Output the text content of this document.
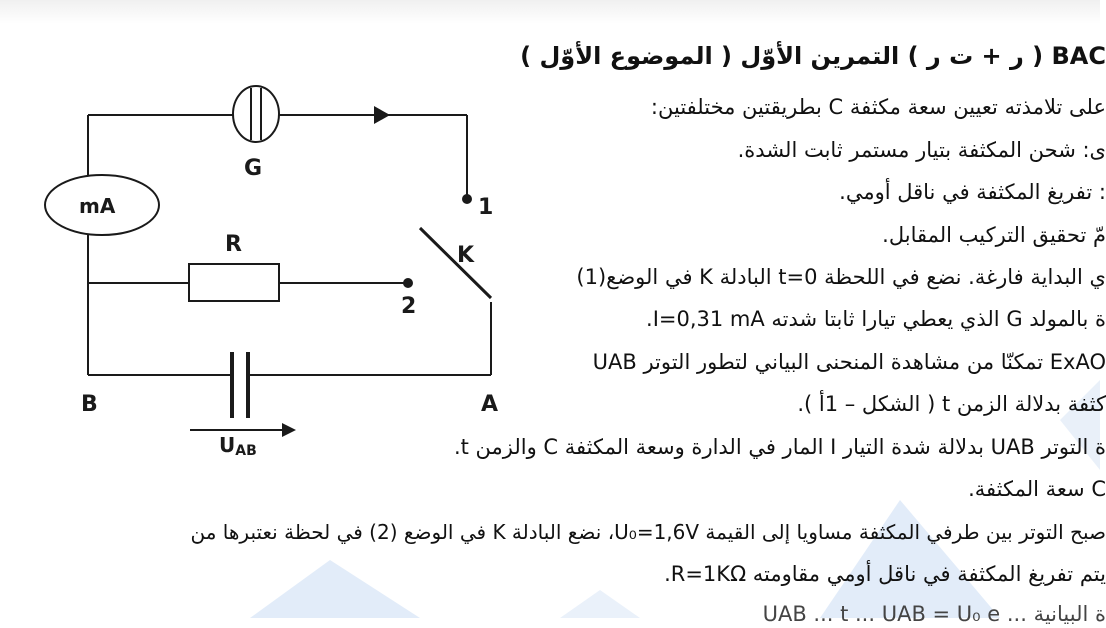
G
mA	1
2
K
R
B	A
UAB
BAC ( ر + ت ر ) التمرين الأوّل ( الموضوع الأوّل )
على تلامذته تعيين سعة مكثفة C بطريقتين مختلفتين:
ى: شحن المكثفة بتيار مستمر ثابت الشدة.
: تفريغ المكثفة في ناقل أومي.
مّ تحقيق التركيب المقابل.
ي البداية فارغة. نضع في اللحظة t=0 البادلة K في الوضع(1)
ة بالمولد G الذي يعطي تيارا ثابتا شدته I=0,31 mA.
ExAO تمكنّا من مشاهدة المنحنى البياني لتطور التوتر UAB
كثفة بدلالة الزمن t ( الشكل – 1أ ).
ة التوتر UAB بدلالة شدة التيار I المار في الدارة وسعة المكثفة C والزمن t.
C سعة المكثفة.
صبح التوتر بين طرفي المكثفة مساويا إلى القيمة U₀=1,6V، نضع البادلة K في الوضع (2) في لحظة نعتبرها من
يتم تفريغ المكثفة في ناقل أومي مقاومته R=1KΩ.
ة البيانية ... UAB ... t ... UAB = U₀ e
